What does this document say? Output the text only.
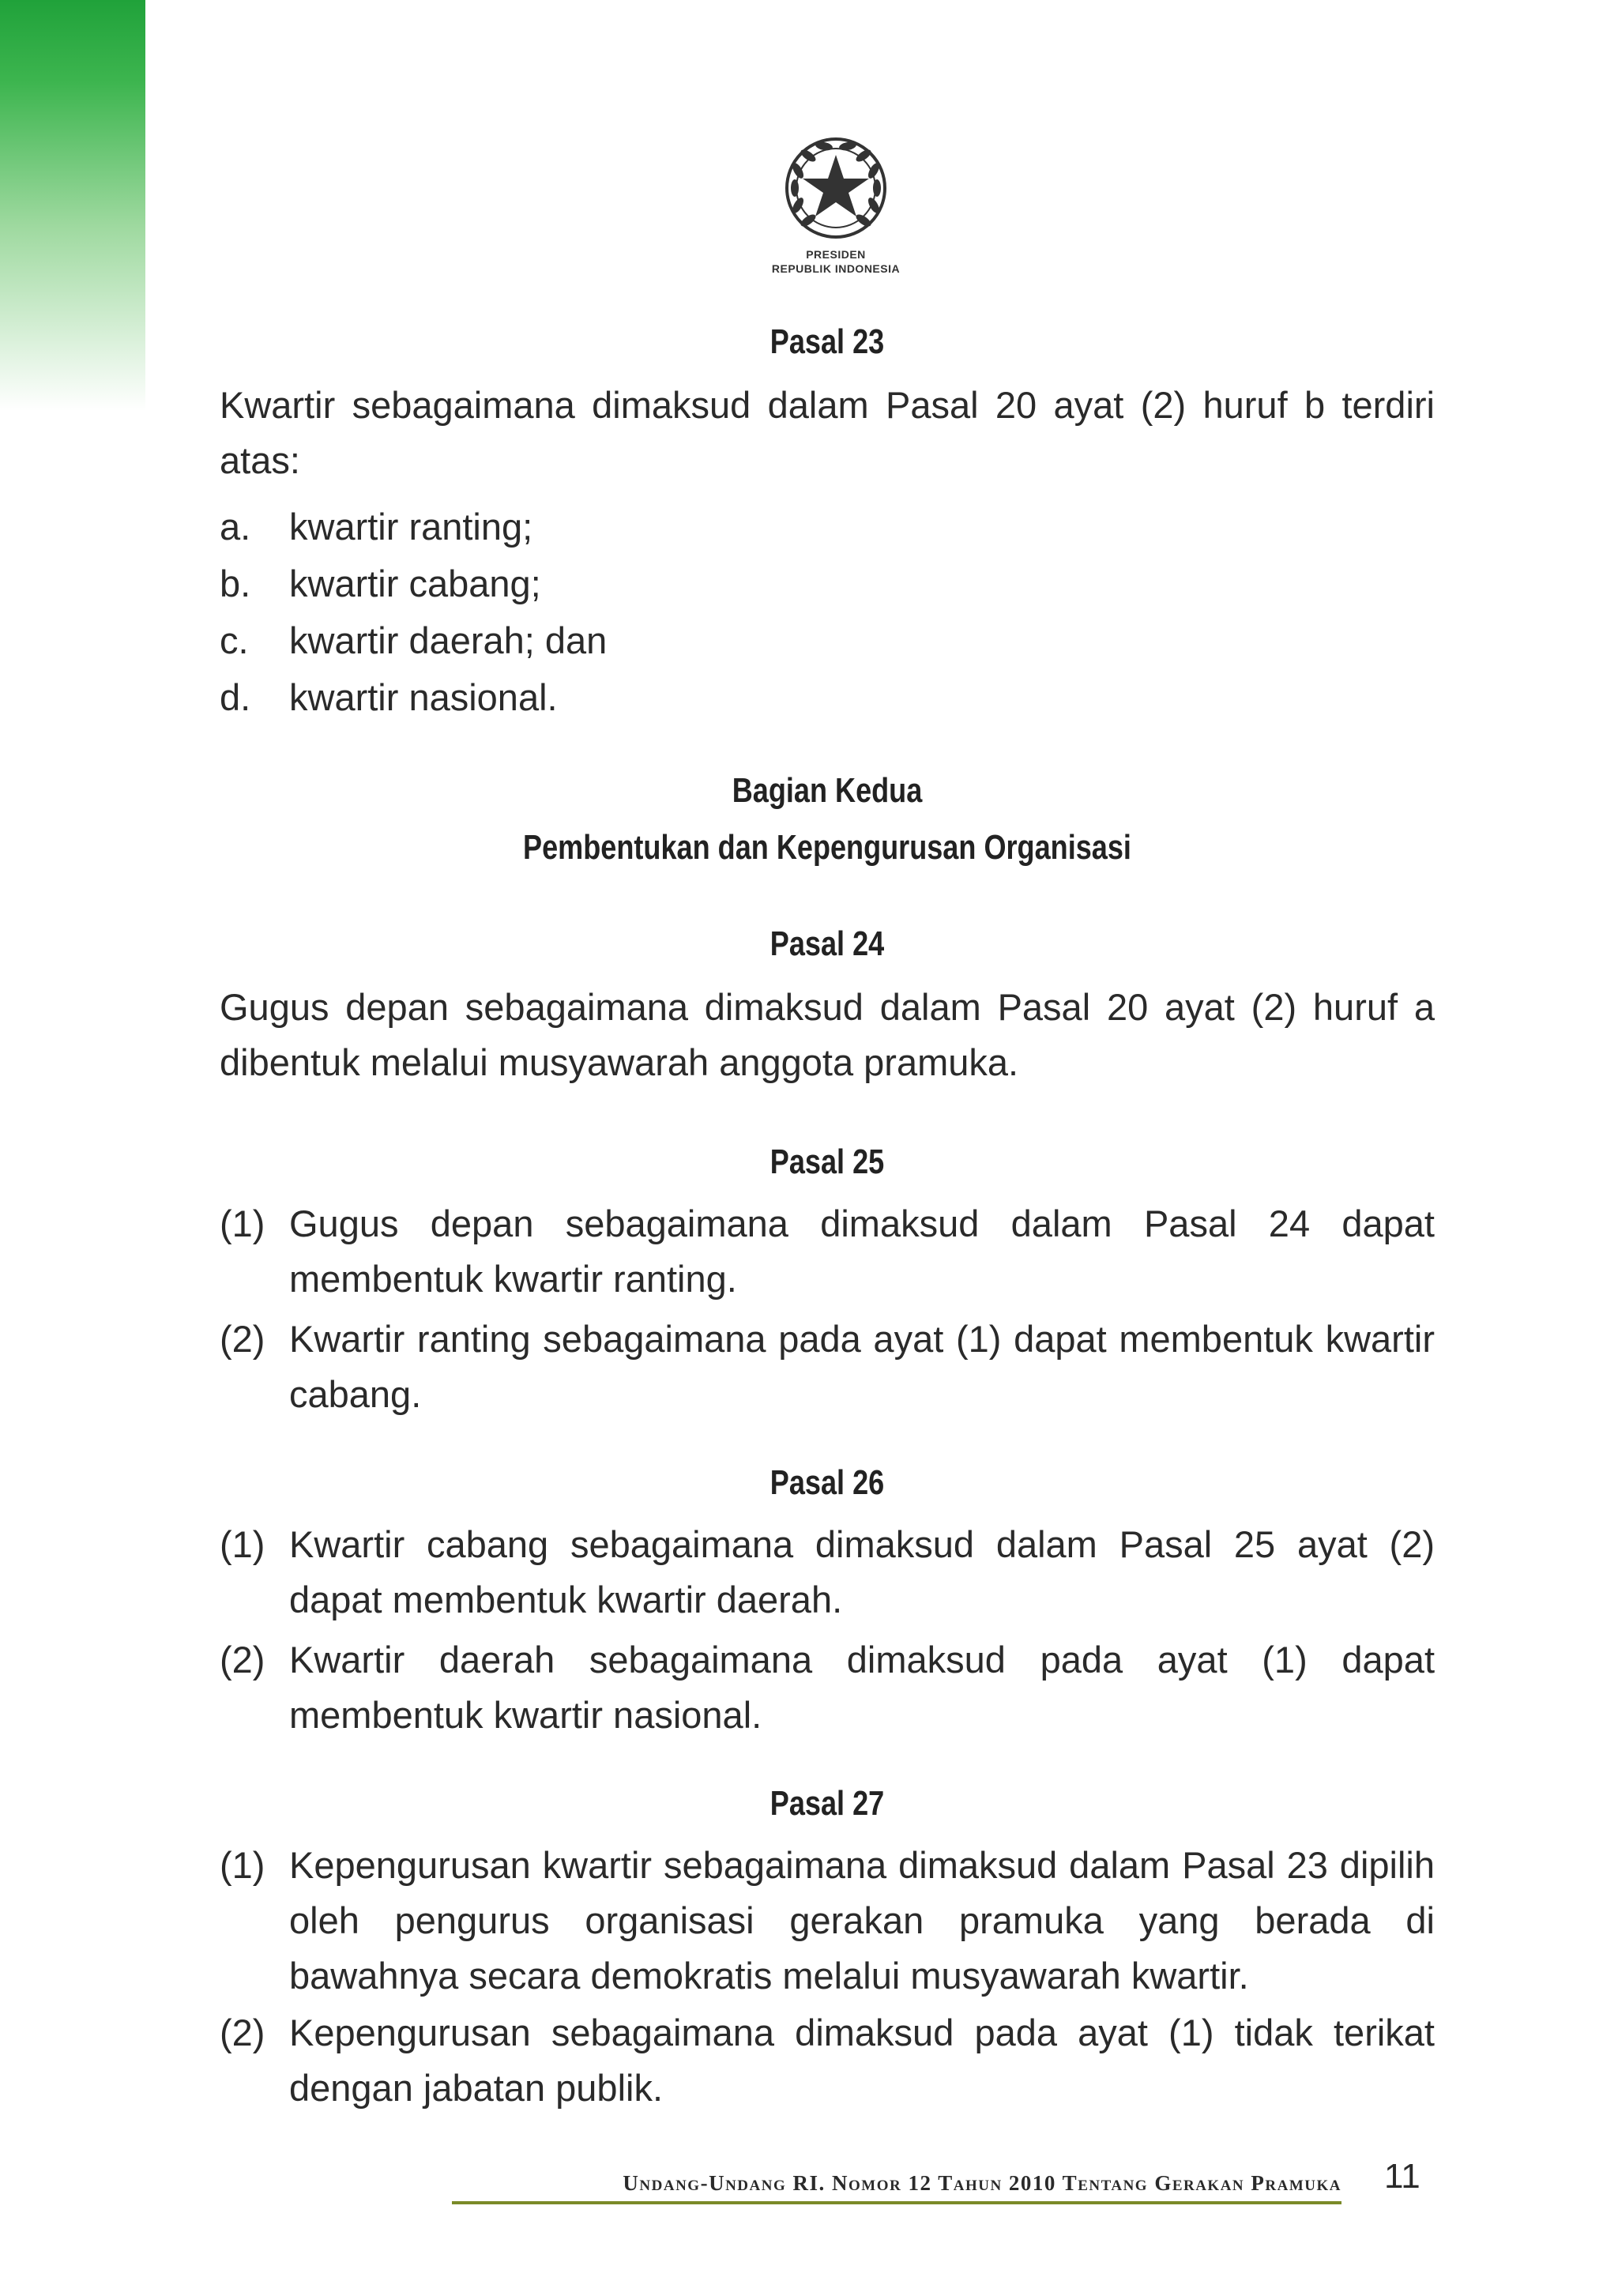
PRESIDEN
REPUBLIK INDONESIA
Pasal 23
Kwartir sebagaimana dimaksud dalam Pasal 20 ayat (2) huruf b terdiri atas:
a. kwartir ranting;
b. kwartir cabang;
c. kwartir daerah; dan
d. kwartir nasional.
Bagian Kedua
Pembentukan dan Kepengurusan Organisasi
Pasal 24
Gugus depan sebagaimana dimaksud dalam Pasal 20 ayat (2) huruf a dibentuk melalui musyawarah anggota pramuka.
Pasal 25
(1) Gugus depan sebagaimana dimaksud dalam Pasal 24 dapat membentuk kwartir ranting.
(2) Kwartir ranting sebagaimana pada ayat (1) dapat membentuk kwartir cabang.
Pasal 26
(1) Kwartir cabang sebagaimana dimaksud dalam Pasal 25 ayat (2) dapat membentuk kwartir daerah.
(2) Kwartir daerah sebagaimana dimaksud pada ayat (1) dapat membentuk kwartir nasional.
Pasal 27
(1) Kepengurusan kwartir sebagaimana dimaksud dalam Pasal 23 dipilih oleh pengurus organisasi gerakan pramuka yang berada di bawahnya secara demokratis melalui musyawarah kwartir.
(2) Kepengurusan sebagaimana dimaksud pada ayat (1) tidak terikat dengan jabatan publik.
Undang-Undang RI. Nomor 12 Tahun 2010 Tentang Gerakan Pramuka 11
